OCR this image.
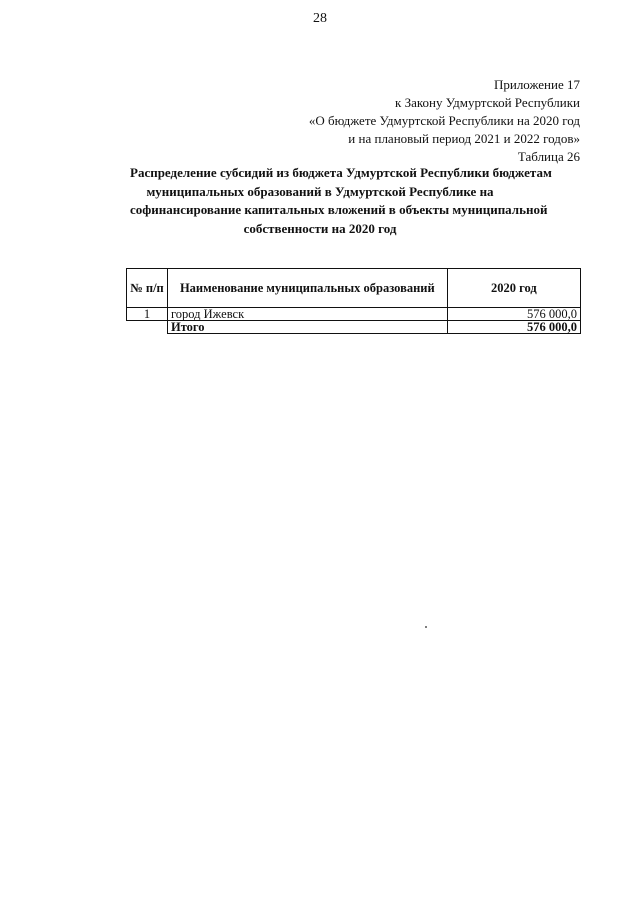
28
Приложение 17
к Закону Удмуртской Республики
«О бюджете Удмуртской Республики на 2020 год
и на плановый период 2021 и 2022 годов»
Таблица 26
Распределение субсидий из бюджета Удмуртской Республики бюджетам
муниципальных образований в Удмуртской Республике на
софинансирование капитальных вложений в объекты муниципальной
собственности на 2020 год
№ п/п	Наименование муниципальных образований	2020 год
1	город Ижевск	576 000,0
	Итого	576 000,0
